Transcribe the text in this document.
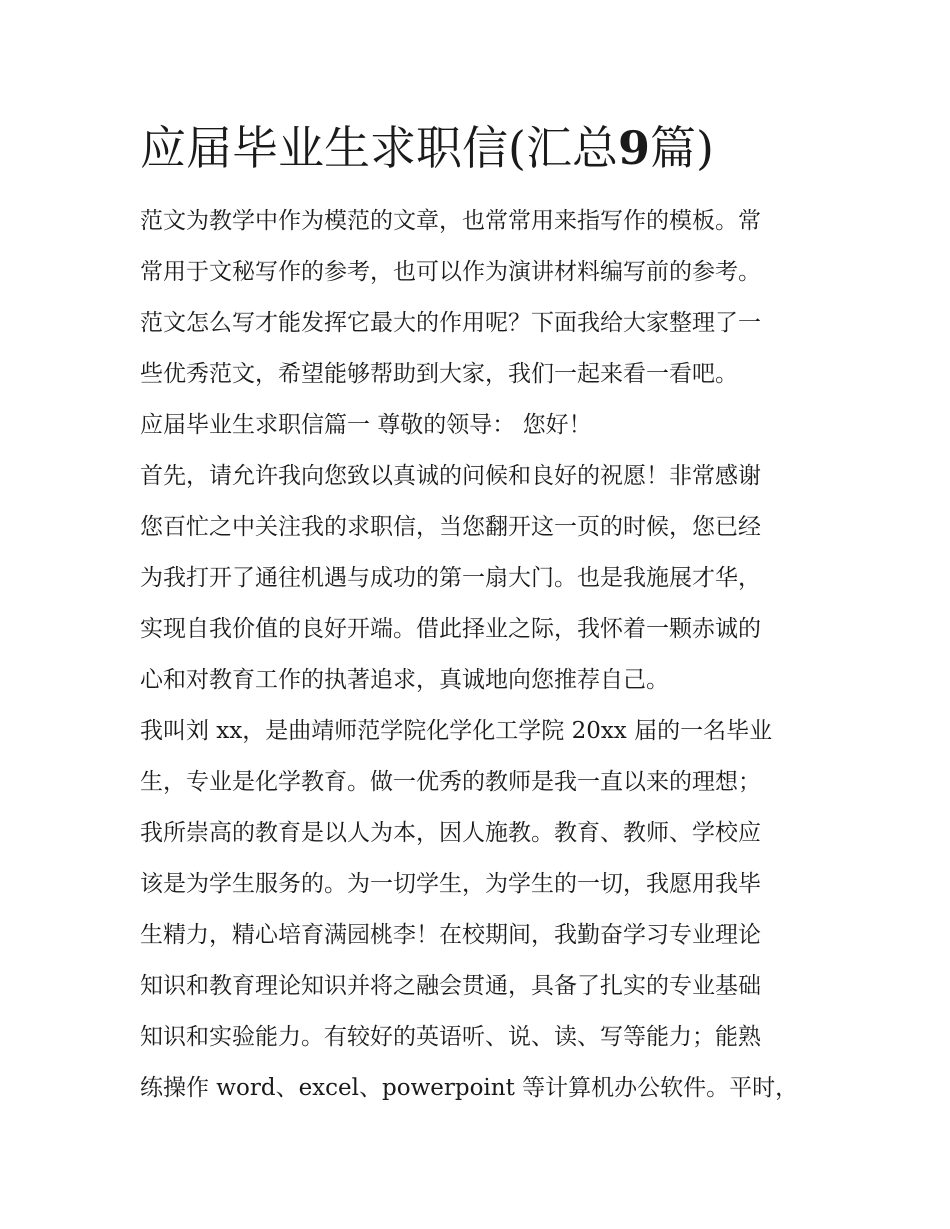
应届毕业生求职信(汇总9篇)
范文为教学中作为模范的文章，也常常用来指写作的模板。常
常用于文秘写作的参考，也可以作为演讲材料编写前的参考。
范文怎么写才能发挥它最大的作用呢？下面我给大家整理了一
些优秀范文，希望能够帮助到大家，我们一起来看一看吧。
应届毕业生求职信篇一 尊敬的领导： 您好！
首先，请允许我向您致以真诚的问候和良好的祝愿！非常感谢
您百忙之中关注我的求职信，当您翻开这一页的时候，您已经
为我打开了通往机遇与成功的第一扇大门。也是我施展才华，
实现自我价值的良好开端。借此择业之际，我怀着一颗赤诚的
心和对教育工作的执著追求，真诚地向您推荐自己。
我叫刘 xx，是曲靖师范学院化学化工学院 20xx 届的一名毕业
生，专业是化学教育。做一优秀的教师是我一直以来的理想；
我所崇高的教育是以人为本，因人施教。教育、教师、学校应
该是为学生服务的。为一切学生，为学生的一切，我愿用我毕
生精力，精心培育满园桃李！在校期间，我勤奋学习专业理论
知识和教育理论知识并将之融会贯通，具备了扎实的专业基础
知识和实验能力。有较好的英语听、说、读、写等能力；能熟
练操作 word、excel、powerpoint 等计算机办公软件。平时，
